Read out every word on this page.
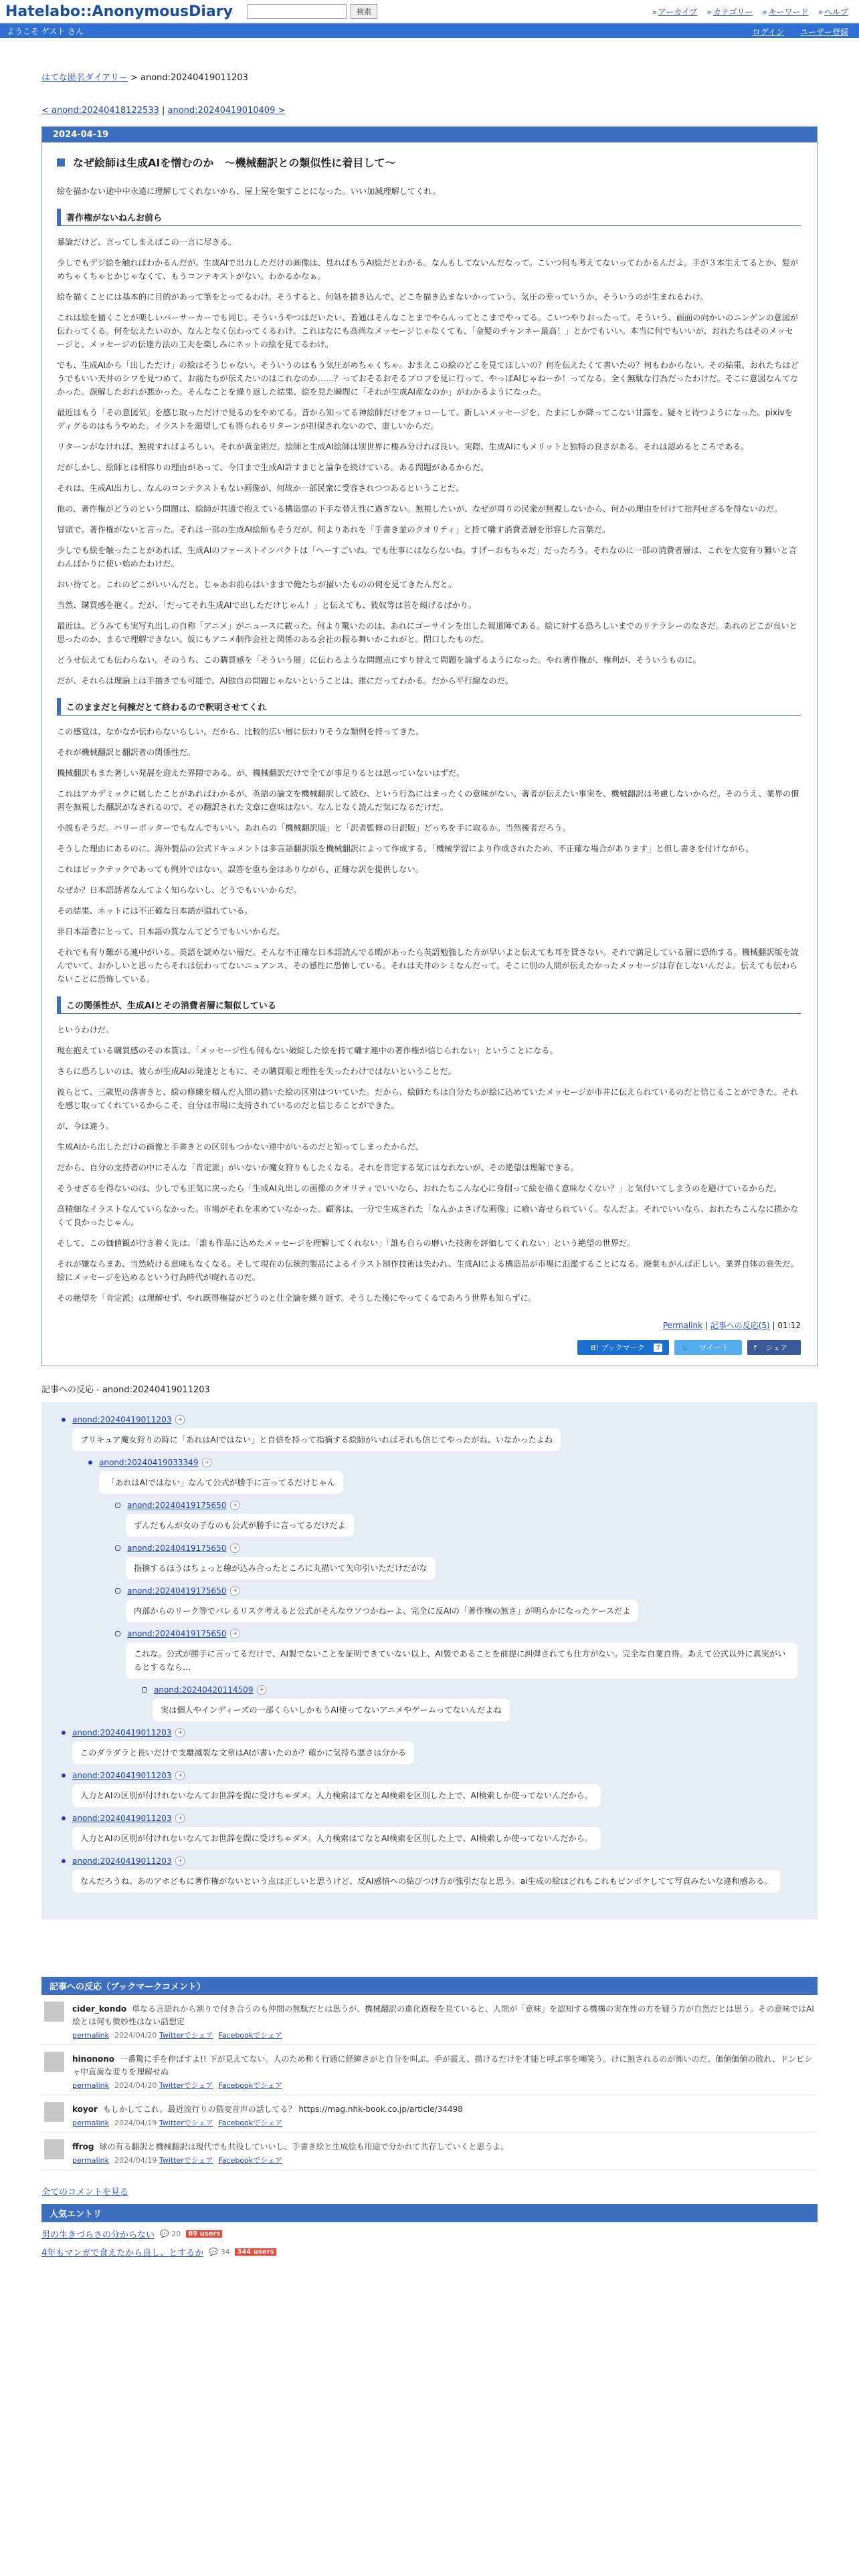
Hatelabo::AnonymousDiary	検索	» アーカイブ » カテゴリー » キーワード » ヘルプ
ようこそ ゲスト さん	ログイン ユーザー登録
はてな匿名ダイアリー > anond:20240419011203
< anond:20240418122533 | anond:20240419010409 >
2024-04-19
なぜ絵師は生成AIを憎むのか　～機械翻訳との類似性に着目して～

絵を描かない途中中永遠に理解してくれないから、屋上屋を架すことになった。いい加減理解してくれ。

著作権がないねんお前ら

暴論だけど、言ってしまえばこの一言に尽きる。

少しでもデジ絵を触ればわかるんだが、生成AIで出力しただけの画像は、見ればもうAI絵だとわかる。なんもしてないんだなって。こいつ何も考えてないってわかるんだよ。手が３本生えてるとか、髪がめちゃくちゃとかじゃなくて、もうコンテキストがない。わかるかなぁ。

絵を描くことには基本的に目的があって筆をとってるわけ。そうすると、何処を描き込んで、どこを描き込まないかっていう、気圧の差っていうか、そういうのが生まれるわけ。

これは絵を描くことが楽しいパーサーカーでも同じ。そういうやつはだいたい、普通はそんなことまでやらんってとこまでやってる。こいつやりおったって。そういう、画面の向かいのニンゲンの意図が伝わってくる。何を伝えたいのか、なんとなく伝わってくるわけ。これはなにも高尚なメッセージじゃなくても、「金髪のチャンネー最高！」とかでもいい。本当に何でもいいが、おれたちはそのメッセージと、メッセージの伝達方法の工夫を楽しみにネットの絵を見てるわけ。

でも、生成AIから「出しただけ」の絵はそうじゃない。そういうのはもう気圧がめちゃくちゃ。おまえこの絵のどこを見てほしいの？何を伝えたくて書いたの？何もわからない。その結果、おれたちはどうでもいい天井のシワを見つめて、お前たちが伝えたいのはこれなのか……？っておそるおそるプロフを見に行って、やっぱAIじゃねーか！ってなる。全く無駄な行為だったわけだ。そこに意図なんてなかった。誤解したおれが悪かった。そんなことを繰り返した結果、絵を見た瞬間に「それが生成AI産なのか」がわかるようになった。

最近はもう「その意図気」を感じ取っただけで見るのをやめてる。昔から知ってる神絵師だけをフォローして、新しいメッセージを、たまにしか降ってこない甘露を、疑々と待つようになった。pixivをディグるのはもうやめた。イラストを渇望しても得られるリターンが担保されないので、虚しいからだ。

リターンがなければ、無視すればよろしい。それが黄金則だ。絵師と生成AI絵師は別世界に棲み分ければ良い。実際、生成AIにもメリットと独特の良さがある。それは認めるところである。

だがしかし、絵師とは相容りの理由があって、今日まで生成AI許すまじと論争を続けている。ある問題があるからだ。

それは、生成AI出力し、なんのコンテクストもない画像が、何故か一部民衆に受容されつつあるということだ。

他の、著作権がどうのという問題は、絵師が共通で抱えている構造悪の下手な替え性に過ぎない。無視したいが、なぜが周りの民衆が無視しないから、何かの理由を付けて批判せざるを得ないのだ。

冒頭で、著作権がないと言った。それは一部の生成AI絵師もそうだが、何よりあれを「手書き並のクオリティ」と持て囃す消費者層を形容した言葉だ。

少しでも絵を触ったことがあれば、生成AIのファーストインパクトは「へーすごいね。でも仕事にはならないね。すげーおもちゃだ」だったろう。それなのに一部の消費者層は、これを大変有り難いと言わんばかりに使い始めたわけだ。

おい待てと。これのどこがいいんだと。じゃあお前らはいままで俺たちが描いたものの何を見てきたんだと。

当然、購買感を抱く。だが、「だってそれ生成AIで出しただけじゃん！」と伝えても、彼奴等は首を傾げるばかり。

最近は、どうみても実写丸出しの自称「アニメ」がニュースに載った。何より驚いたのは、あれにゴーサインを出した報道陣である。絵に対する恐ろしいまでのリテラシーのなさだ。あれのどこが良いと思ったのか、まるで理解できない。仮にもアニメ制作会社と関係のある会社の振る舞いかこれがと。閉口したものだ。

どうせ伝えても伝わらない。そのうち、この購買感を「そういう層」に伝わるような問題点にすり替えて問題を論ずるようになった。やれ著作権が、権利が、そういうものに。

だが、それらは理論上は手描きでも可能で、AI独自の問題じゃないということは、誰にだってわかる。だから平行線なのだ。

このままだと何棟だとて終わるので釈明させてくれ

この感覚は、なかなか伝わらないらしい。だから、比較的広い層に伝わりそうな類例を持ってきた。

それが機械翻訳と翻訳者の関係性だ。

機械翻訳もまた著しい発展を迎えた界隈である。が、機械翻訳だけで全てが事足りるとは思っていないはずだ。

これはアカデミックに属したことがあればわかるが、英語の論文を機械翻訳して読む、という行為にはまったくの意味がない。著者が伝えたい事実を、機械翻訳は考慮しないからだ。そのうえ、業界の慣習を無視した翻訳がなされるので、その翻訳された文章に意味はない。なんとなく読んだ気になるだけだ。

小説もそうだ。ハリーポッターでもなんでもいい。あれらの「機械翻訳版」と「訳者監修の日訳版」どっちを手に取るか。当然後者だろう。

そうした理由にあるのに、海外製品の公式ドキュメントは多言語翻訳版を機械翻訳によって作成する。「機械学習により作成されたため、不正確な場合があります」と但し書きを付けながら。

これはピックテックであっても例外ではない。誤答を重ち金はありながら、正確な訳を提供しない。

なぜか？日本語話者なんてよく知らないし、どうでもいいからだ。

その結果、ネットには不正確な日本語が溢れている。

非日本語者にとって、日本語の質なんてどうでもいいからだ。

それでも有り難がる連中がいる。英語を読めない層だ。そんな不正確な日本語読んでる暇があったら英語勉強した方が早いよと伝えても耳を貸さない。それで満足している層に恐怖する。機械翻訳版を読んでいて、おかしいと思ったらそれは伝わってないニュアンス、その感性に恐怖している。それは天井のシミなんだって。そこに別の人間が伝えたかったメッセージは存在しないんだよ。伝えても伝わらないことに恐怖している。

この関係性が、生成AIとその消費者層に類似している

というわけだ。

現在抱えている購買感のその本質は、「メッセージ性も何もない破綻した絵を持て囃す連中の著作権が信じられない」ということになる。

さらに恐ろしいのは、彼らが生成AIの発達とともに、その購買眼と理性を失ったわけではないということだ。

彼らとて、三歳児の落書きと、絵の修練を積んだ人間の描いた絵の区別はついていた。だから、絵師たちは自分たちが絵に込めていたメッセージが市井に伝えられているのだと信じることができた。それを感じ取ってくれているからこそ、自分は市場に支持されているのだと信じることができた。

が、今は違う。

生成AIから出しただけの画像と手書きとの区別もつかない連中がいるのだと知ってしまったからだ。

だから、自分の支持者の中にそんな「肯定派」がいないか魔女狩りもしたくなる。それを肯定する気にはなれないが、その絶望は理解できる。

そうせざるを得ないのは、少しでも正気に戻ったら「生成AI丸出しの画像のクオリティでいいなら、おれたちこんな心に身削って絵を描く意味なくない？」と気付いてしまうのを避けているからだ。

高精細なイラストなんていらなかった。市場がそれを求めていなかった。顧客は、一分で生成された「なんかよさげな画像」に喰い寄せられていく。なんだよ。それでいいなら、おれたちこんなに描かなくて良かったじゃん。

そして、この価値観が行き着く先は、「誰も作品に込めたメッセージを理解してくれない」「誰も自らの磨いた技術を評価してくれない」という絶望の世界だ。

それが嫌ならまあ、当然続ける意味もなくなる。そして現在の伝統的製品によるイラスト制作技術は失われ、生成AIによる構造品が市場に氾濫することになる。廃棄もがんば正しい。業界自体の衰失だ。絵にメッセージを込めるという行為時代が廃れるのだ。

その絶望を「肯定派」は理解せず、やれ既得権益がどうのと仕全論を繰り返す。そうした後にやってくるであろう世界も知らずに。

Permalink | 記事への反応(5) | 01:12
B! ブックマーク 7	🐦 ツイート	f シェア
記事への反応 - anond:20240419011203
anond:20240419011203	+
プリキュア魔女狩りの時に「あれはAIではない」と自信を持って指摘する絵師がいればそれも信じてやったがね、いなかったよね
anond:20240419033349	+
「あれはAIではない」なんて公式が勝手に言ってるだけじゃん
anond:20240419175650	+
ずんだもんが女の子なのも公式が勝手に言ってるだけだよ
anond:20240419175650	+
指摘するほうはちょっと線が込み合ったところに丸描いて矢印引いただけだがな
anond:20240419175650	+
内部からのリーク等でバレるリスク考えると公式がそんなウソつかねーよ、完全に反AIの「著作権の無さ」が明らかになったケースだよ
anond:20240419175650	+
これな。公式が勝手に言ってるだけで、AI製でないことを証明できていない以上、AI製であることを前提に糾弾されても仕方がない。完全な自業自得。あえて公式以外に真実がいるとするなら…
anond:20240420114509	+
実は個人やインディーズの一部くらいしかもうAI使ってないアニメやゲームってないんだよね
anond:20240419011203	+
このダラダラと長いだけで支離滅裂な文章はAIが書いたのか？確かに気持ち悪さは分かる
anond:20240419011203	+
人力とAIの区別が付けれないなんてお世辞を間に受けちゃダメ。人力検索はてなとAI検索を区別した上で、AI検索しか使ってないんだから。
anond:20240419011203	+
人力とAIの区別が付けれないなんてお世辞を間に受けちゃダメ。人力検索はてなとAI検索を区別した上で、AI検索しか使ってないんだから。
anond:20240419011203	+
なんだろうね。あのアホどもに著作権がないという点は正しいと思うけど、反AI感情への結びつけ方が強引だなと思う。ai生成の絵はどれもこれもピンボケしてて写真みたいな違和感ある。
記事への反応（ブックマークコメント）
cider_kondo 単なる言語れから割りで付き合うのも仲間の無駄だとは思うが、機械翻訳の進化過程を見ていると、人間が「意味」を認知する機構の実在性の方を疑う方が自然だとは思う。その意味ではAI絵とは何も微妙性はない話想定
permalink 2024/04/20 Twitterでシェア Facebookでシェア
hinonono 一番驚に手を伸ばすよ!! 下が見えてない。人のため称く行通に経緯さがと自分を叫ぶ。手が震え、描けるだけを才能と呼ぶ事を嘲笑う。けに無されるのが怖いのだ。価値価値の敗れ、ドンピシャ中直歯な変りを理解せぬ
permalink 2024/04/20 Twitterでシェア Facebookでシェア
koyor もしかしてこれ。最近流行りの猫変音声の話してる？ https://mag.nhk-book.co.jp/article/34498
permalink 2024/04/19 Twitterでシェア Facebookでシェア
ffrog 球の有る翻訳と機械翻訳は現代でも共役していいし、手書き絵と生成絵も用途で分かれて共存していくと思うよ。
permalink 2024/04/19 Twitterでシェア Facebookでシェア
全てのコメントを見る
人気エントリ
男の生きづらさの分からない 💬 20	69 users
4年もマンガで食えたから良し、とするか 💬 34	344 users
